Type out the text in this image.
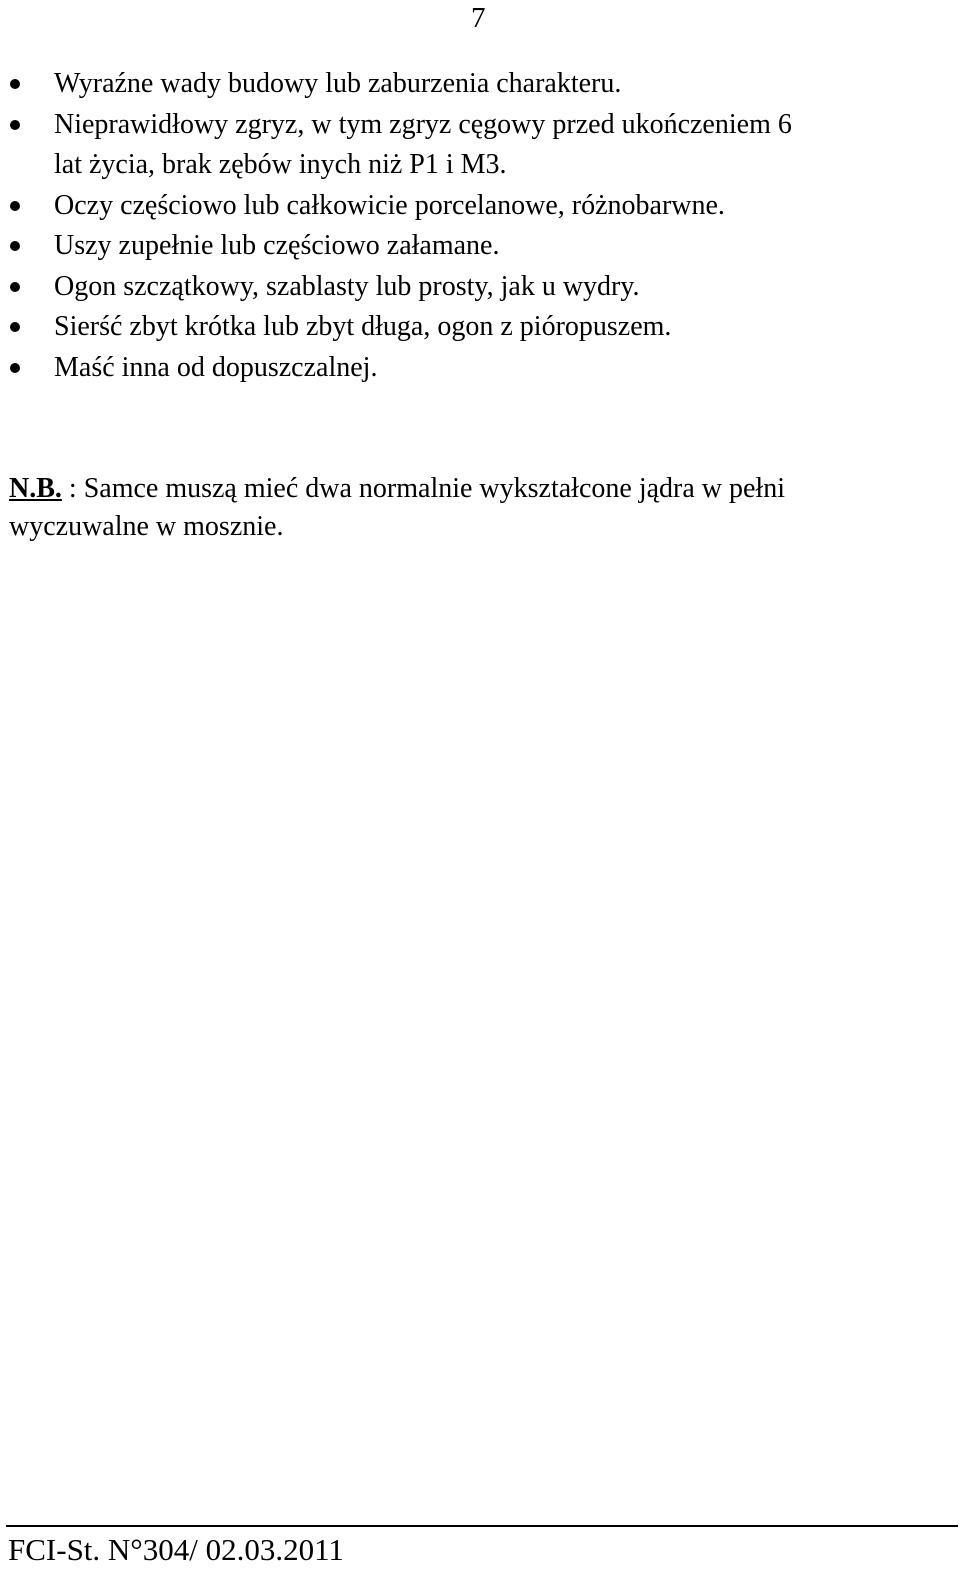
7
Wyraźne wady budowy lub zaburzenia charakteru.
Nieprawidłowy zgryz, w tym zgryz cęgowy przed ukończeniem 6
lat życia, brak zębów inych niż P1 i M3.
Oczy częściowo lub całkowicie porcelanowe, różnobarwne.
Uszy zupełnie lub częściowo załamane.
Ogon szczątkowy, szablasty lub prosty, jak u wydry.
Sierść zbyt krótka lub zbyt długa, ogon z pióropuszem.
Maść inna od dopuszczalnej.

N.B. : Samce muszą mieć dwa normalnie wykształcone jądra w pełni
wyczuwalne w mosznie.

FCI-St. N°304/ 02.03.2011
